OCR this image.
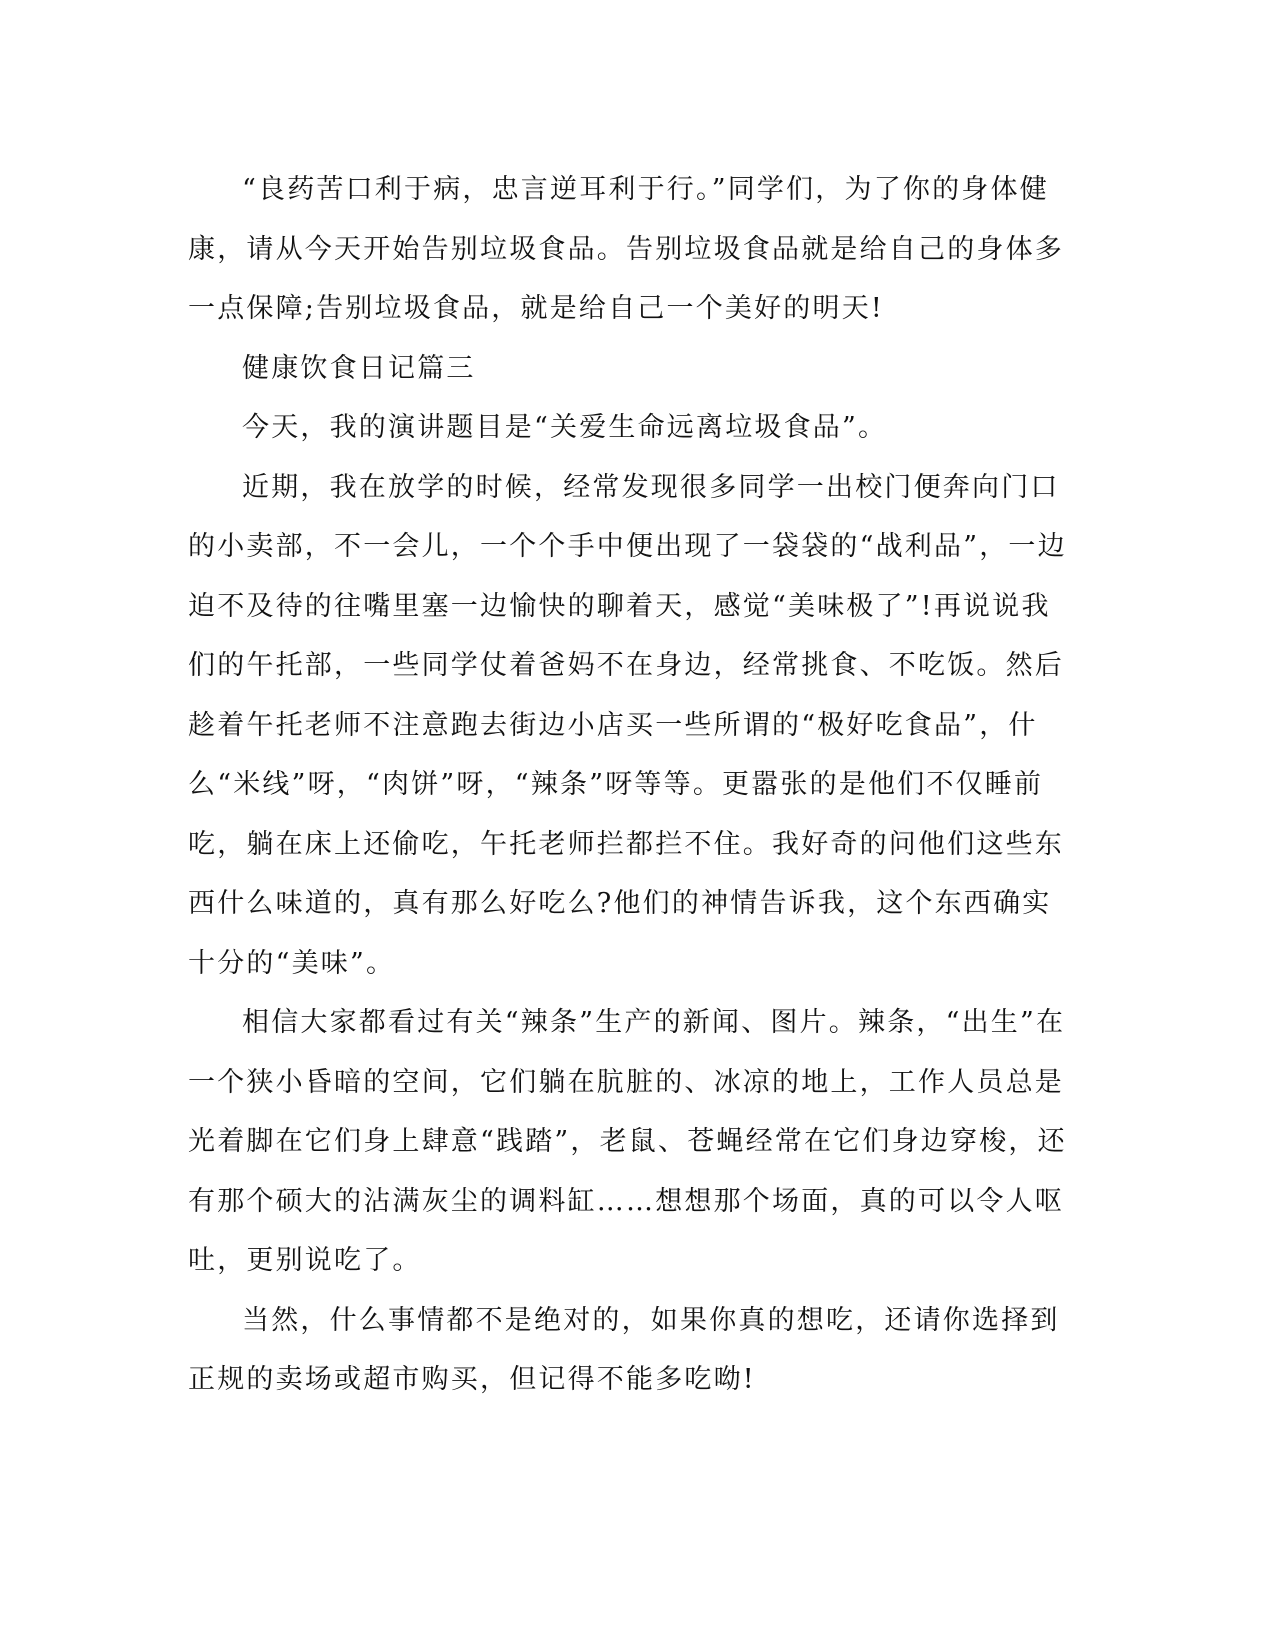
“良药苦口利于病，忠言逆耳利于行。”同学们，为了你的身体健康，请从今天开始告别垃圾食品。告别垃圾食品就是给自己的身体多一点保障;告别垃圾食品，就是给自己一个美好的明天!

健康饮食日记篇三

今天，我的演讲题目是“关爱生命远离垃圾食品”。

近期，我在放学的时候，经常发现很多同学一出校门便奔向门口的小卖部，不一会儿，一个个手中便出现了一袋袋的“战利品”，一边迫不及待的往嘴里塞一边愉快的聊着天，感觉“美味极了”!再说说我们的午托部，一些同学仗着爸妈不在身边，经常挑食、不吃饭。然后趁着午托老师不注意跑去街边小店买一些所谓的“极好吃食品”，什么“米线”呀，“肉饼”呀，“辣条”呀等等。更嚣张的是他们不仅睡前吃，躺在床上还偷吃，午托老师拦都拦不住。我好奇的问他们这些东西什么味道的，真有那么好吃么?他们的神情告诉我，这个东西确实十分的“美味”。

相信大家都看过有关“辣条”生产的新闻、图片。辣条，“出生”在一个狭小昏暗的空间，它们躺在肮脏的、冰凉的地上，工作人员总是光着脚在它们身上肆意“践踏”，老鼠、苍蝇经常在它们身边穿梭，还有那个硕大的沾满灰尘的调料缸……想想那个场面，真的可以令人呕吐，更别说吃了。

当然，什么事情都不是绝对的，如果你真的想吃，还请你选择到正规的卖场或超市购买，但记得不能多吃呦!
